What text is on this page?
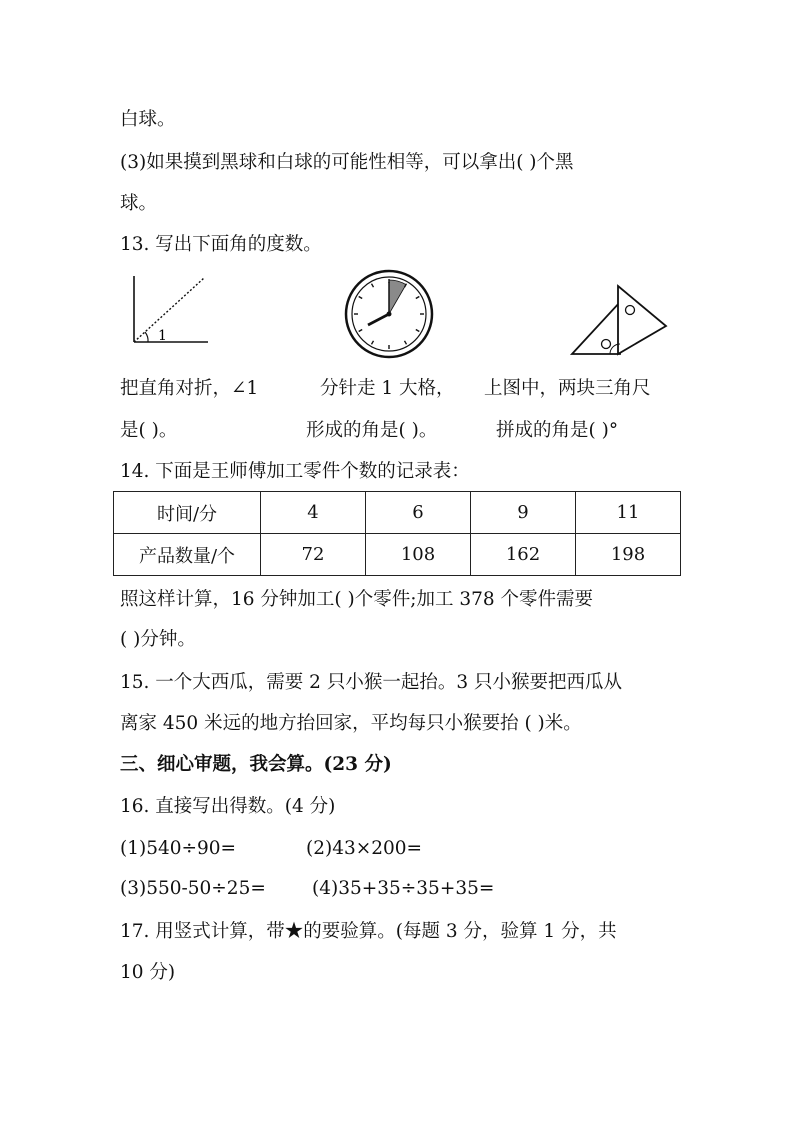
白球。
(3)如果摸到黑球和白球的可能性相等，可以拿出( )个黑
球。
13. 写出下面角的度数。
1
把直角对折，∠1
是( )。
分针走 1 大格，
形成的角是( )。
上图中，两块三角尺
拼成的角是( )°
14. 下面是王师傅加工零件个数的记录表：
时间/分	4	6	9	11
产品数量/个	72	108	162	198
照这样计算，16 分钟加工( )个零件;加工 378 个零件需要
( )分钟。
15. 一个大西瓜，需要 2 只小猴一起抬。3 只小猴要把西瓜从
离家 450 米远的地方抬回家，平均每只小猴要抬 ( )米。
三、细心审题，我会算。(23 分)
16. 直接写出得数。(4 分)
(1)540÷90=	(2)43×200=
(3)550-50÷25= (4)35+35÷35+35=
17. 用竖式计算，带★的要验算。(每题 3 分，验算 1 分，共
10 分)
